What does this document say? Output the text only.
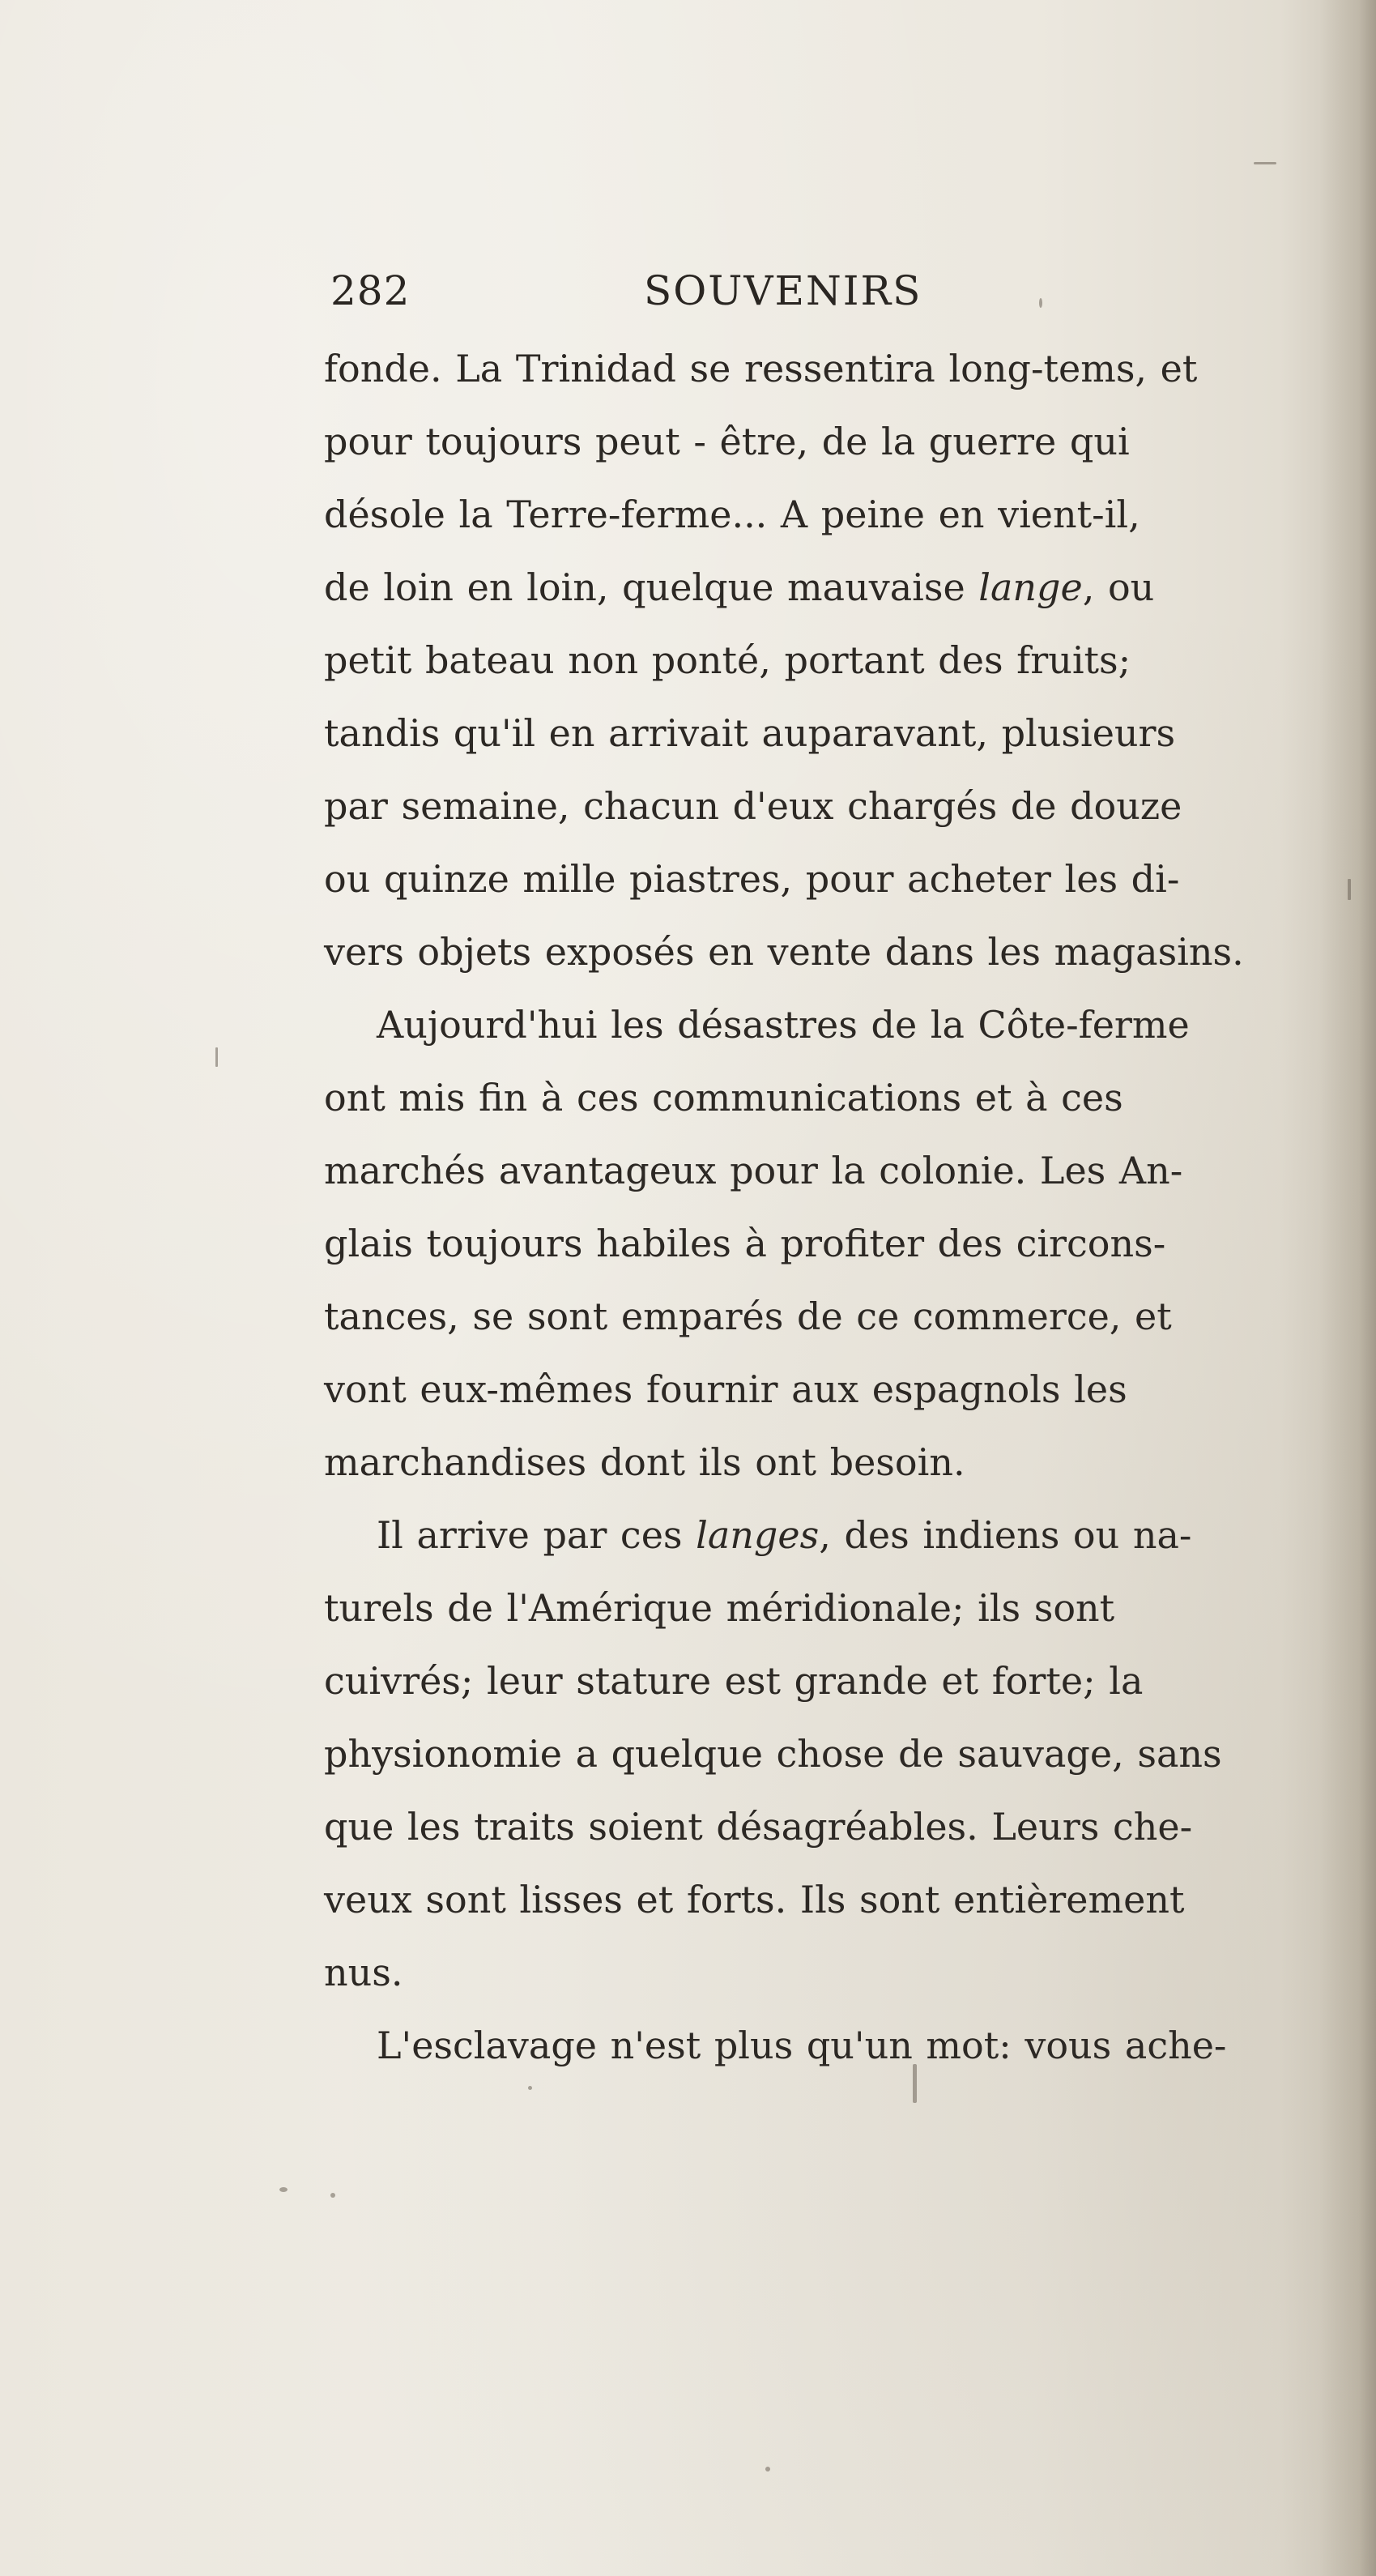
282	SOUVENIRS
fonde. La Trinidad se ressentira long-tems, et
pour toujours peut - être, de la guerre qui
désole la Terre-ferme... A peine en vient-il,
de loin en loin, quelque mauvaise lange, ou
petit bateau non ponté, portant des fruits;
tandis qu'il en arrivait auparavant, plusieurs
par semaine, chacun d'eux chargés de douze
ou quinze mille piastres, pour acheter les di-
vers objets exposés en vente dans les magasins.
Aujourd'hui les désastres de la Côte-ferme
ont mis fin à ces communications et à ces
marchés avantageux pour la colonie. Les An-
glais toujours habiles à profiter des circons-
tances, se sont emparés de ce commerce, et
vont eux-mêmes fournir aux espagnols les
marchandises dont ils ont besoin.
Il arrive par ces langes, des indiens ou na-
turels de l'Amérique méridionale; ils sont
cuivrés; leur stature est grande et forte; la
physionomie a quelque chose de sauvage, sans
que les traits soient désagréables. Leurs che-
veux sont lisses et forts. Ils sont entièrement
nus.
L'esclavage n'est plus qu'un mot: vous ache-
